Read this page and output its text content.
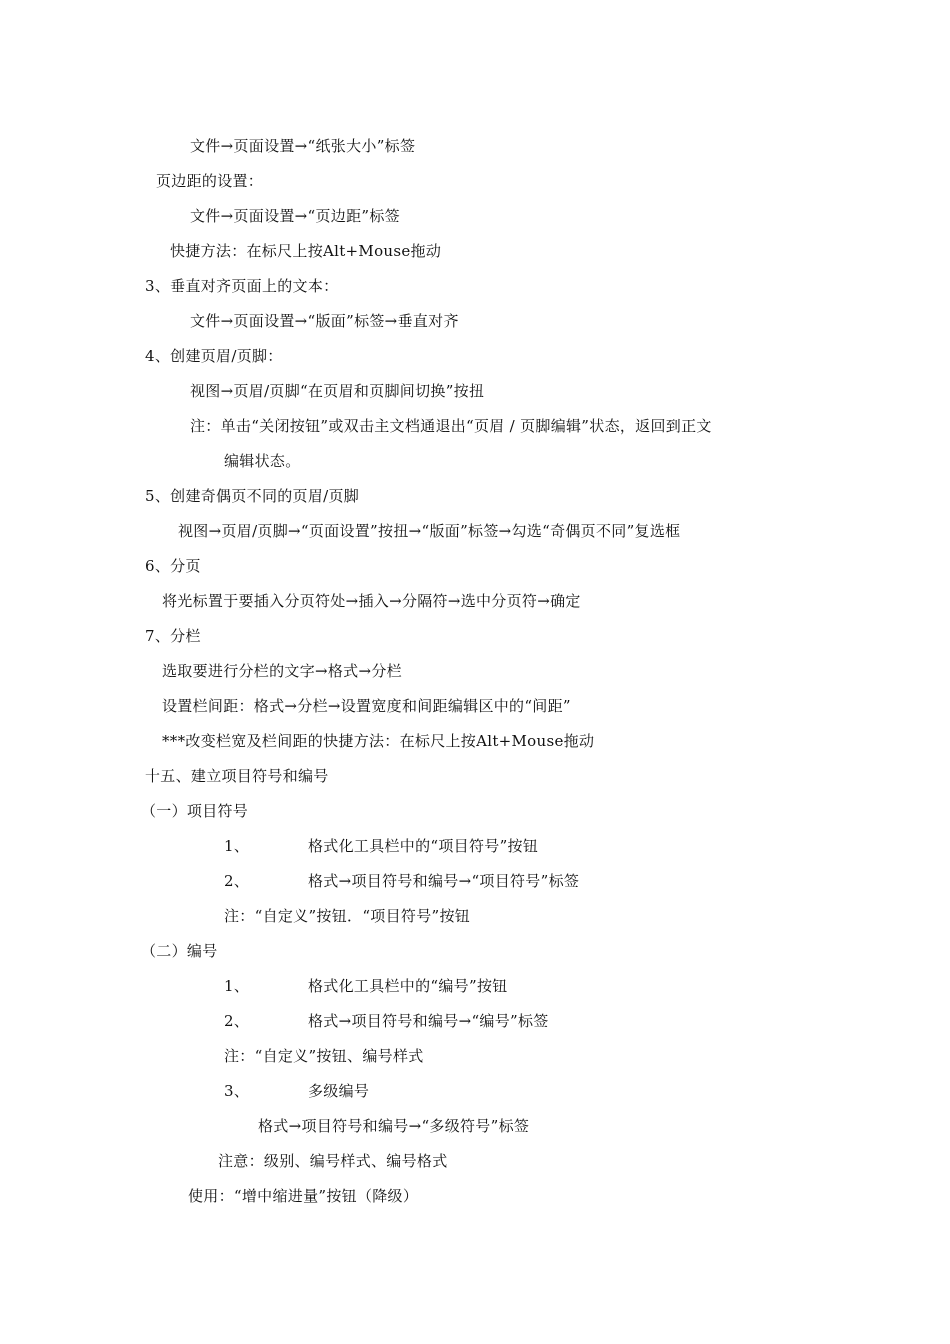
文件→页面设置→“纸张大小”标签
页边距的设置：
文件→页面设置→“页边距”标签
快捷方法：在标尺上按Alt+Mouse拖动
3、垂直对齐页面上的文本：
文件→页面设置→“版面”标签→垂直对齐
4、创建页眉/页脚：
视图→页眉/页脚“在页眉和页脚间切换”按扭
注：单击“关闭按钮”或双击主文档通退出“页眉 / 页脚编辑”状态，返回到正文
编辑状态。
5、创建奇偶页不同的页眉/页脚
视图→页眉/页脚→“页面设置”按扭→“版面”标签→勾选“奇偶页不同”复选框
6、分页
将光标置于要插入分页符处→插入→分隔符→选中分页符→确定
7、分栏
选取要进行分栏的文字→格式→分栏
设置栏间距：格式→分栏→设置宽度和间距编辑区中的“间距”
***改变栏宽及栏间距的快捷方法：在标尺上按Alt+Mouse拖动
十五、建立项目符号和编号
（一）项目符号
1、	格式化工具栏中的“项目符号”按钮
2、	格式→项目符号和编号→“项目符号”标签
注：“自定义”按钮．“项目符号”按钮
（二）编号
1、	格式化工具栏中的“编号”按钮
2、	格式→项目符号和编号→“编号”标签
注：“自定义”按钮、编号样式
3、	多级编号
格式→项目符号和编号→“多级符号”标签
注意：级别、编号样式、编号格式
使用：“增中缩进量”按钮（降级）
